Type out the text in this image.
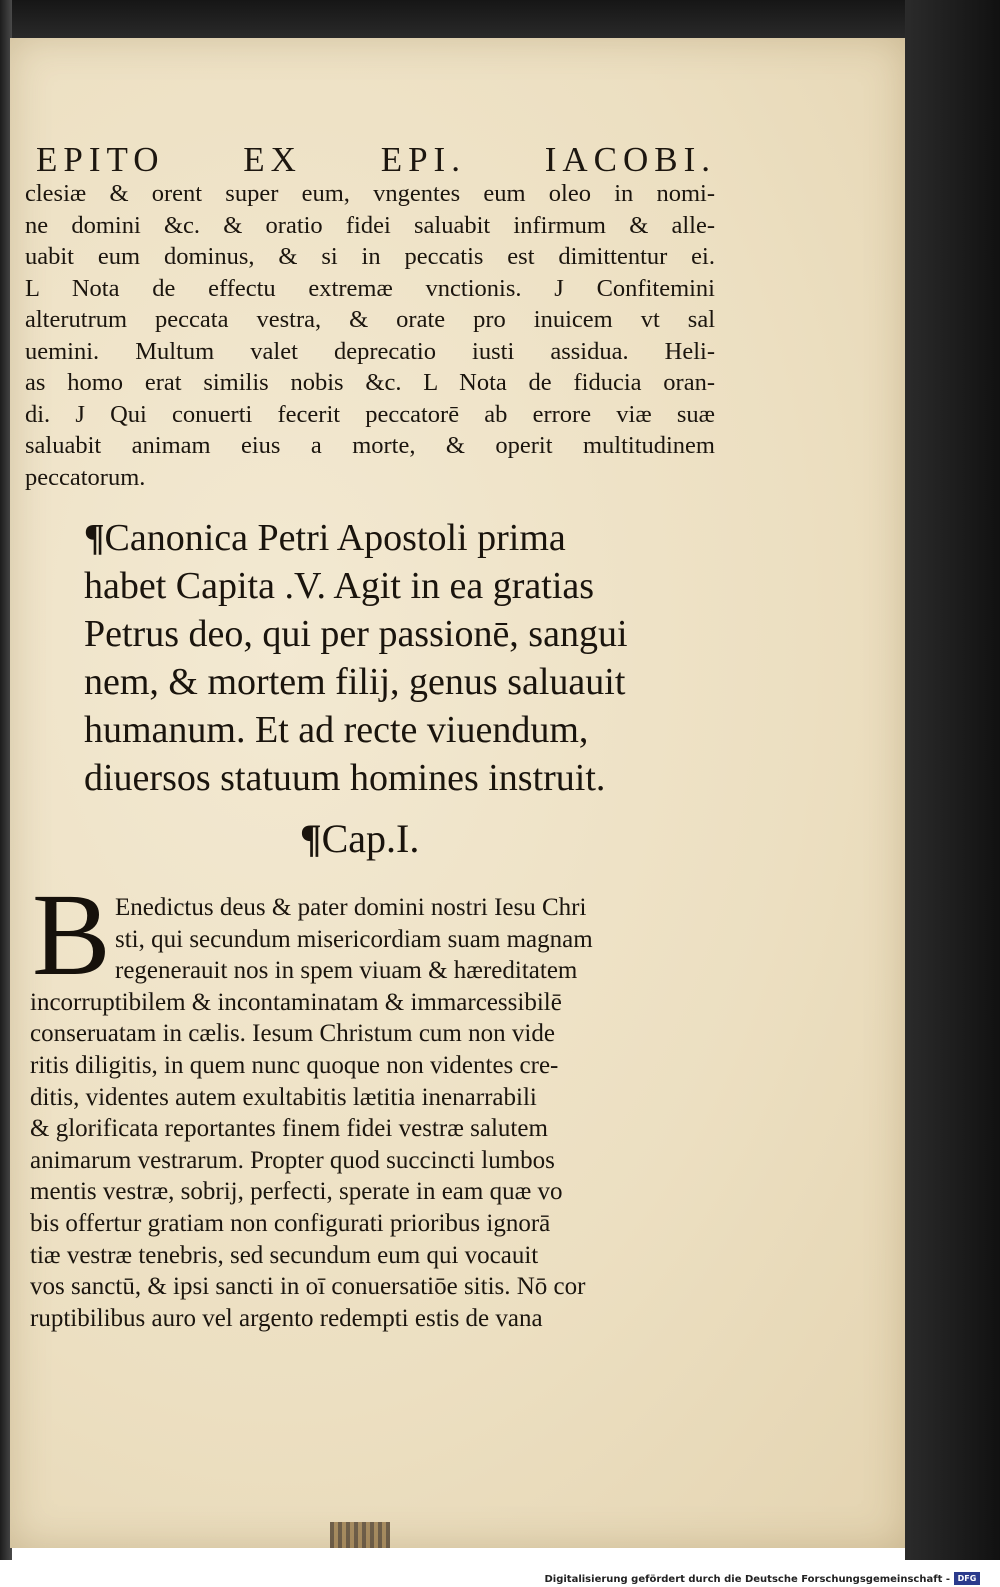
EPITO EX EPI. IACOBI.
clesiæ & orent super eum, vngentes eum oleo in nomi-
ne domini &c. & oratio fidei saluabit infirmum & alle-
uabit eum dominus, & si in peccatis est dimittentur ei.
L Nota de effectu extremæ vnctionis. J Confitemini
alterutrum peccata vestra, & orate pro inuicem vt sal
uemini. Multum valet deprecatio iusti assidua. Heli-
as homo erat similis nobis &c. L Nota de fiducia oran-
di. J Qui conuerti fecerit peccatorē ab errore viæ suæ
saluabit animam eius a morte, & operit multitudinem
peccatorum.
¶Canonica Petri Apostoli prima
habet Capita .V. Agit in ea gratias
Petrus deo, qui per passionē, sangui
nem, & mortem filij, genus saluauit
humanum. Et ad recte viuendum,
diuersos statuum homines instruit.
¶Cap.I.
B Enedictus deus & pater domini nostri Iesu Chri
sti, qui secundum misericordiam suam magnam
regenerauit nos in spem viuam & hæreditatem
incorruptibilem & incontaminatam & immarcessibilē
conseruatam in cælis. Iesum Christum cum non vide
ritis diligitis, in quem nunc quoque non videntes cre-
ditis, videntes autem exultabitis lætitia inenarrabili
& glorificata reportantes finem fidei vestræ salutem
animarum vestrarum. Propter quod succincti lumbos
mentis vestræ, sobrij, perfecti, sperate in eam quæ vo
bis offertur gratiam non configurati prioribus ignorā
tiæ vestræ tenebris, sed secundum eum qui vocauit
vos sanctū, & ipsi sancti in oī conuersatiōe sitis. Nō cor
ruptibilibus auro vel argento redempti estis de vana
Digitalisierung gefördert durch die Deutsche Forschungsgemeinschaft - DFG
